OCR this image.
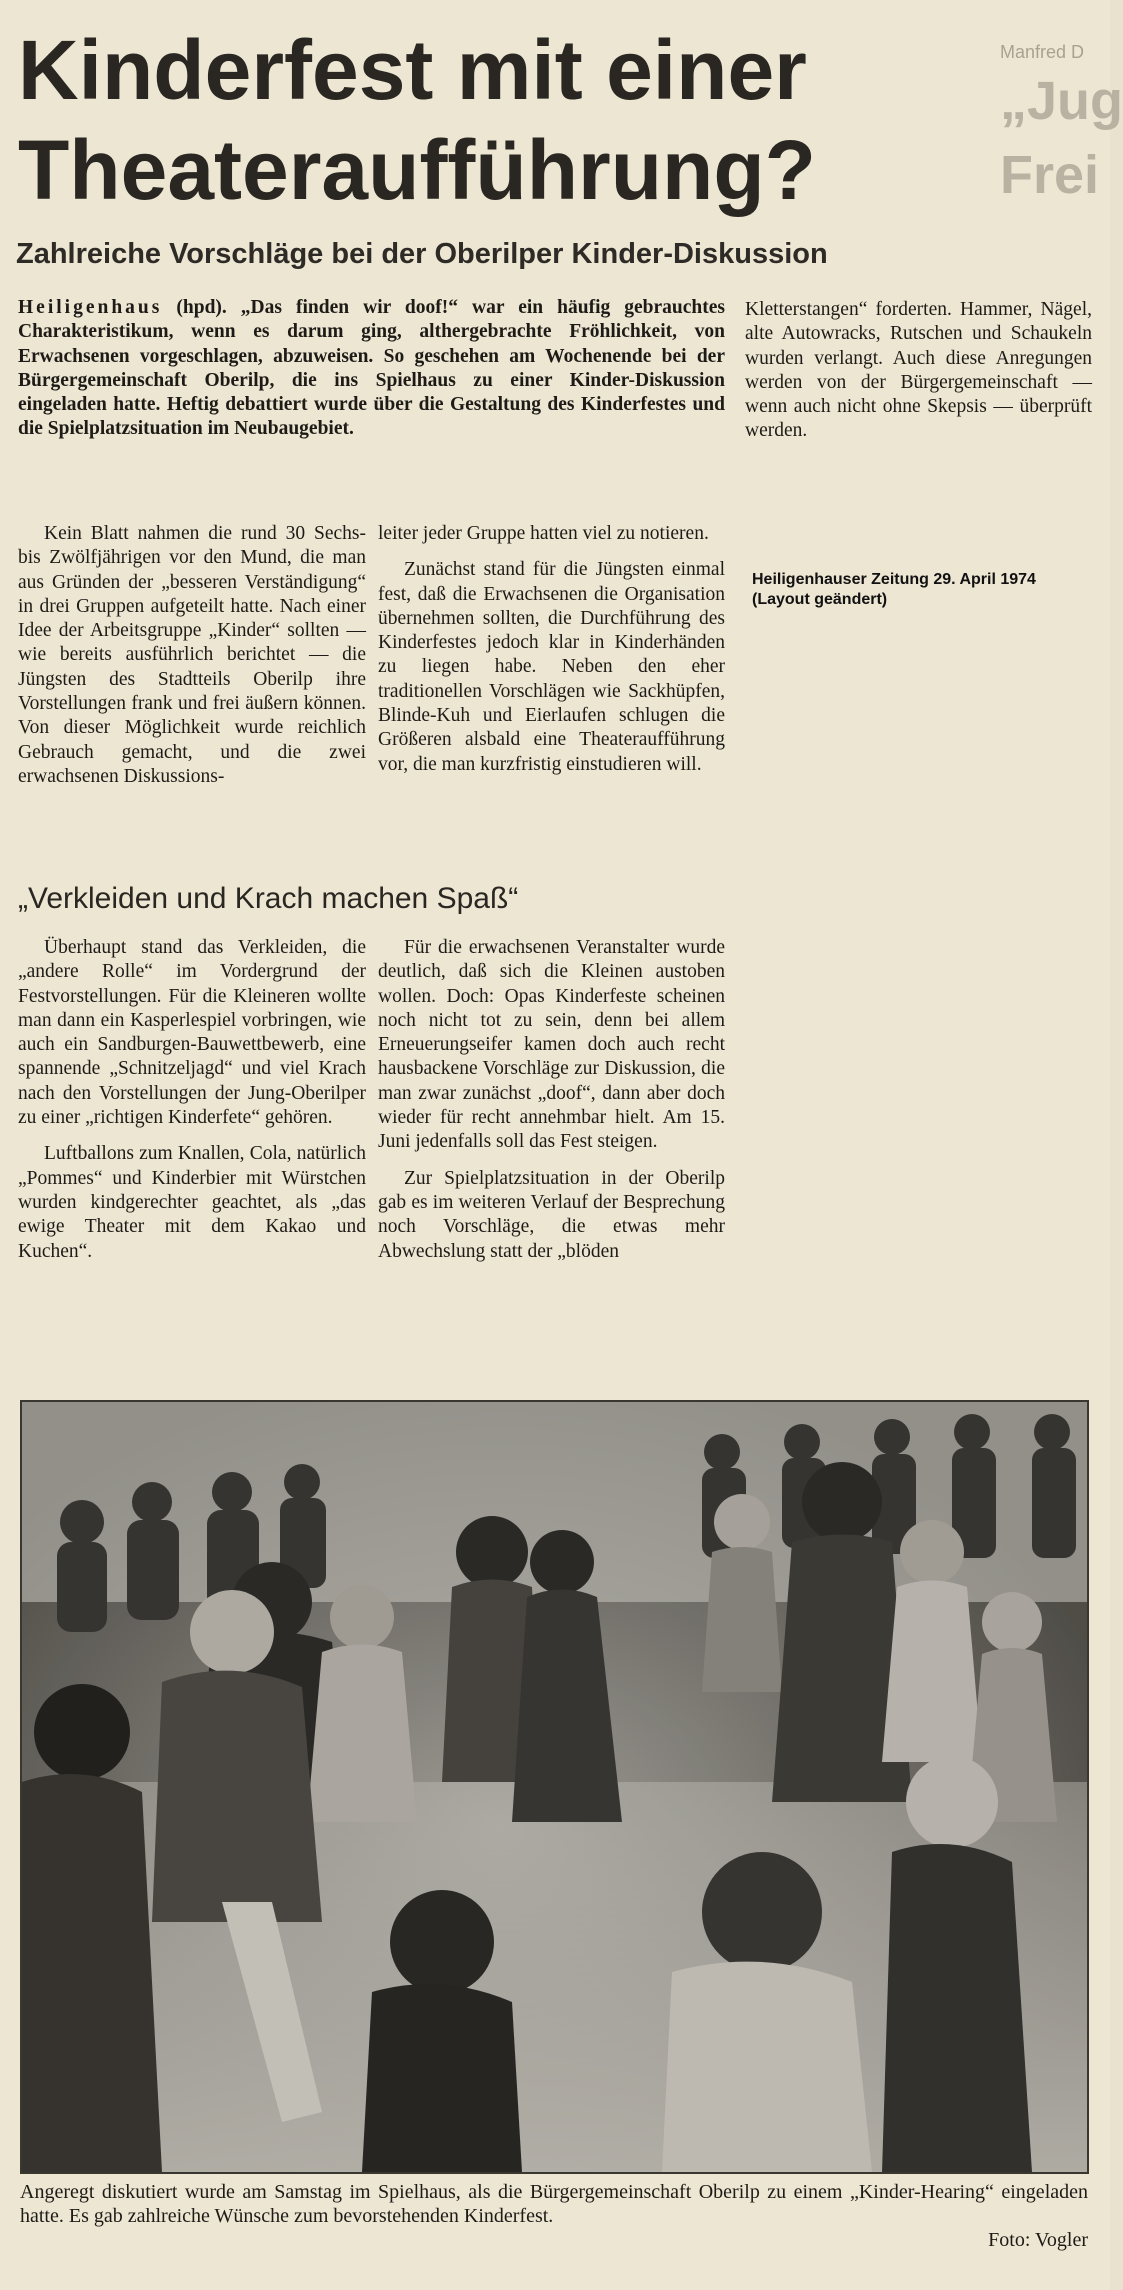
Manfred D
„Jug
Frei
Kinderfest mit einer
Theateraufführung?
Zahlreiche Vorschläge bei der Oberilper Kinder-Diskussion
Heiligenhaus (hpd). „Das finden wir doof!“ war ein häufig gebrauchtes Charakteristikum, wenn es darum ging, althergebrachte Fröhlichkeit, von Erwachsenen vorgeschlagen, abzuweisen. So geschehen am Wochenende bei der Bürgergemeinschaft Oberilp, die ins Spielhaus zu einer Kinder-Diskussion eingeladen hatte. Heftig debattiert wurde über die Gestaltung des Kinderfestes und die Spielplatzsituation im Neubaugebiet.

Kletterstangen“ forderten. Hammer, Nägel, alte Autowracks, Rutschen und Schaukeln wurden verlangt. Auch diese Anregungen werden von der Bürgergemeinschaft — wenn auch nicht ohne Skepsis — überprüft werden.

Heiligenhauser Zeitung 29. April 1974
(Layout geändert)

Kein Blatt nahmen die rund 30 Sechs- bis Zwölfjährigen vor den Mund, die man aus Gründen der „besseren Verständigung“ in drei Gruppen aufgeteilt hatte. Nach einer Idee der Arbeitsgruppe „Kinder“ sollten — wie bereits ausführlich berichtet — die Jüngsten des Stadtteils Oberilp ihre Vorstellungen frank und frei äußern können. Von dieser Möglichkeit wurde reichlich Gebrauch gemacht, und die zwei erwachsenen Diskussions-

leiter jeder Gruppe hatten viel zu notieren.

Zunächst stand für die Jüngsten einmal fest, daß die Erwachsenen die Organisation übernehmen sollten, die Durchführung des Kinderfestes jedoch klar in Kinderhänden zu liegen habe. Neben den eher traditionellen Vorschlägen wie Sackhüpfen, Blinde-Kuh und Eierlaufen schlugen die Größeren alsbald eine Theateraufführung vor, die man kurzfristig einstudieren will.

„Verkleiden und Krach machen Spaß“

Überhaupt stand das Verkleiden, die „andere Rolle“ im Vordergrund der Festvorstellungen. Für die Kleineren wollte man dann ein Kasperlespiel vorbringen, wie auch ein Sandburgen-Bauwettbewerb, eine spannende „Schnitzeljagd“ und viel Krach nach den Vorstellungen der Jung-Oberilper zu einer „richtigen Kinderfete“ gehören.

Luftballons zum Knallen, Cola, natürlich „Pommes“ und Kinderbier mit Würstchen wurden kindgerechter geachtet, als „das ewige Theater mit dem Kakao und Kuchen“.

Für die erwachsenen Veranstalter wurde deutlich, daß sich die Kleinen austoben wollen. Doch: Opas Kinderfeste scheinen noch nicht tot zu sein, denn bei allem Erneuerungseifer kamen doch auch recht hausbackene Vorschläge zur Diskussion, die man zwar zunächst „doof“, dann aber doch wieder für recht annehmbar hielt. Am 15. Juni jedenfalls soll das Fest steigen.

Zur Spielplatzsituation in der Oberilp gab es im weiteren Verlauf der Besprechung noch Vorschläge, die etwas mehr Abwechslung statt der „blöden

Angeregt diskutiert wurde am Samstag im Spielhaus, als die Bürgergemeinschaft Oberilp zu einem „Kinder-Hearing“ eingeladen hatte. Es gab zahlreiche Wünsche zum bevorstehenden Kinderfest.
Foto: Vogler
